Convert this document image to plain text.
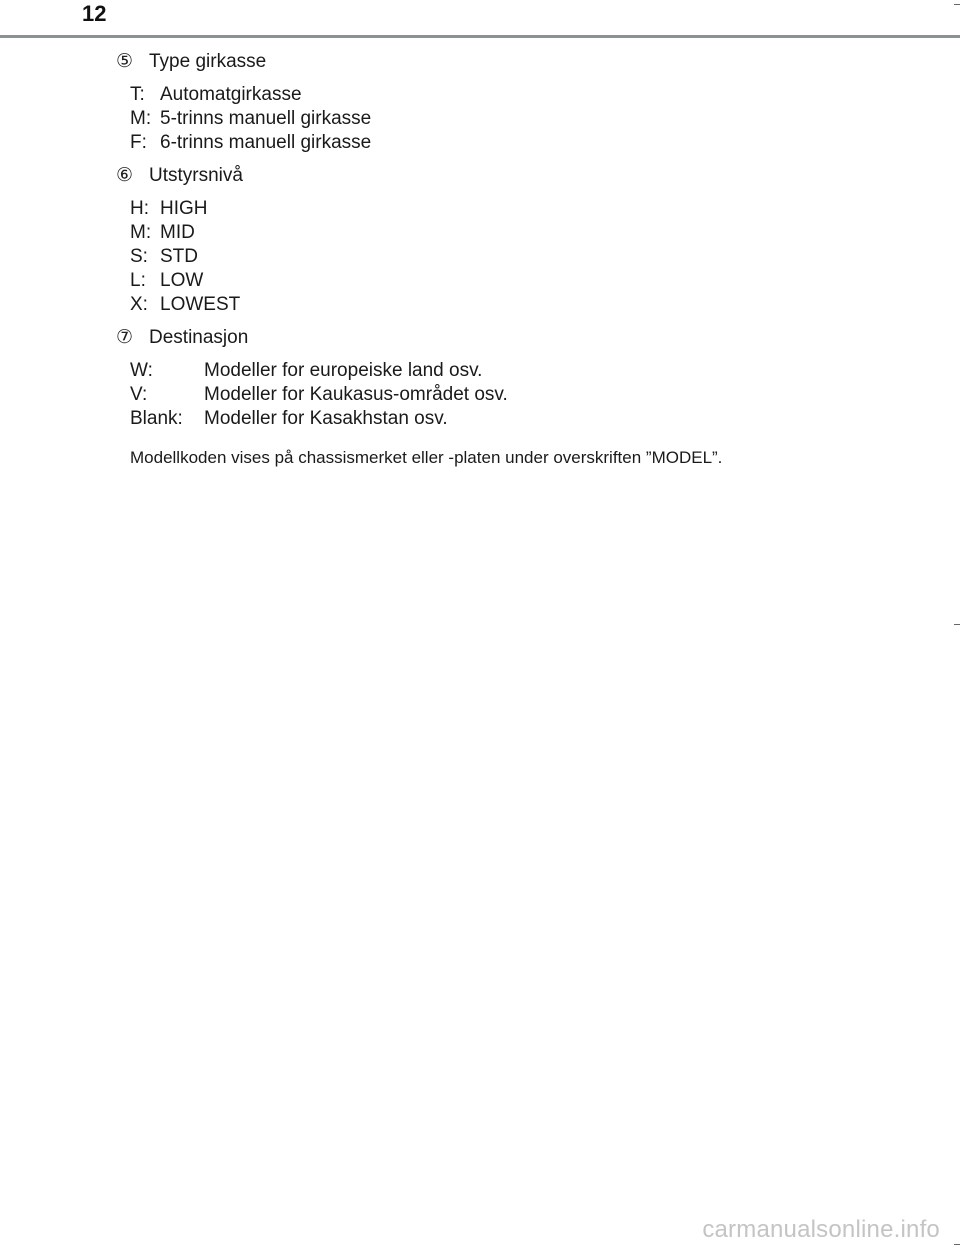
12
⑤ Type girkasse
T: Automatgirkasse
M: 5-trinns manuell girkasse
F: 6-trinns manuell girkasse
⑥ Utstyrsnivå
H: HIGH
M: MID
S: STD
L: LOW
X: LOWEST
⑦ Destinasjon
W:	Modeller for europeiske land osv.
V:	Modeller for Kaukasus-området osv.
Blank:	Modeller for Kasakhstan osv.
Modellkoden vises på chassismerket eller -platen under overskriften ”MODEL”.
carmanualsonline.info
